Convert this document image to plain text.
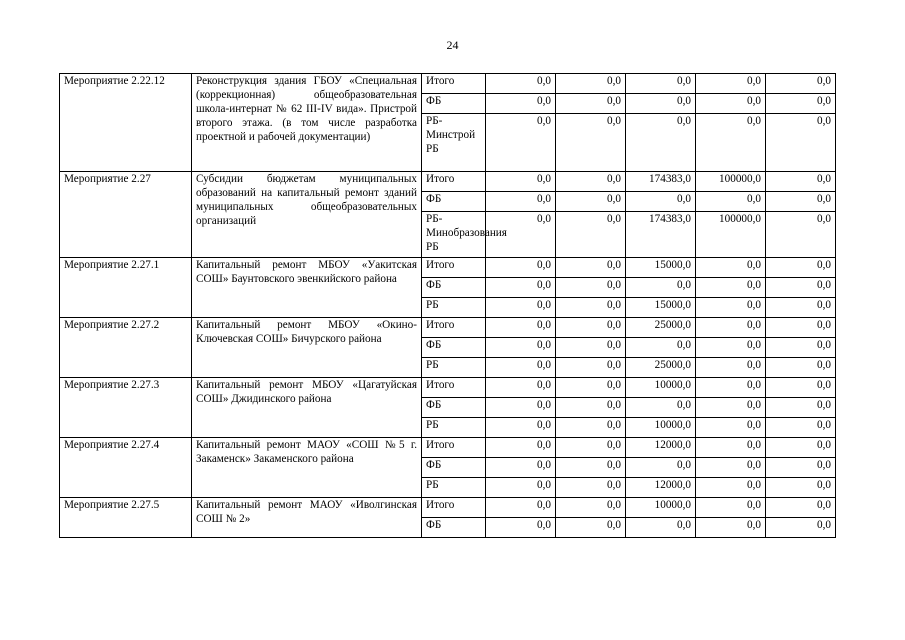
24
Мероприятие 2.22.12	Реконструкция здания ГБОУ «Специальная (коррекционная) общеобразовательная школа-интернат № 62 III-IV вида». Пристрой второго этажа. (в том числе разработка проектной и рабочей документации)	Итого	0,0	0,0	0,0	0,0	0,0
		ФБ	0,0	0,0	0,0	0,0	0,0
		РБ-Минстрой РБ	0,0	0,0	0,0	0,0	0,0
Мероприятие 2.27	Субсидии бюджетам муниципальных образований на капитальный ремонт зданий муниципальных общеобразовательных организаций	Итого	0,0	0,0	174383,0	100000,0	0,0
		ФБ	0,0	0,0	0,0	0,0	0,0
		РБ-Минобразования РБ	0,0	0,0	174383,0	100000,0	0,0
Мероприятие 2.27.1	Капитальный ремонт МБОУ «Уакитская СОШ» Баунтовского эвенкийского района	Итого	0,0	0,0	15000,0	0,0	0,0
		ФБ	0,0	0,0	0,0	0,0	0,0
		РБ	0,0	0,0	15000,0	0,0	0,0
Мероприятие 2.27.2	Капитальный ремонт МБОУ «Окино-Ключевская СОШ» Бичурского района	Итого	0,0	0,0	25000,0	0,0	0,0
		ФБ	0,0	0,0	0,0	0,0	0,0
		РБ	0,0	0,0	25000,0	0,0	0,0
Мероприятие 2.27.3	Капитальный ремонт МБОУ «Цагатуйская СОШ» Джидинского района	Итого	0,0	0,0	10000,0	0,0	0,0
		ФБ	0,0	0,0	0,0	0,0	0,0
		РБ	0,0	0,0	10000,0	0,0	0,0
Мероприятие 2.27.4	Капитальный ремонт МАОУ «СОШ №5 г. Закаменск» Закаменского района	Итого	0,0	0,0	12000,0	0,0	0,0
		ФБ	0,0	0,0	0,0	0,0	0,0
		РБ	0,0	0,0	12000,0	0,0	0,0
Мероприятие 2.27.5	Капитальный ремонт МАОУ «Иволгинская СОШ № 2»	Итого	0,0	0,0	10000,0	0,0	0,0
		ФБ	0,0	0,0	0,0	0,0	0,0
